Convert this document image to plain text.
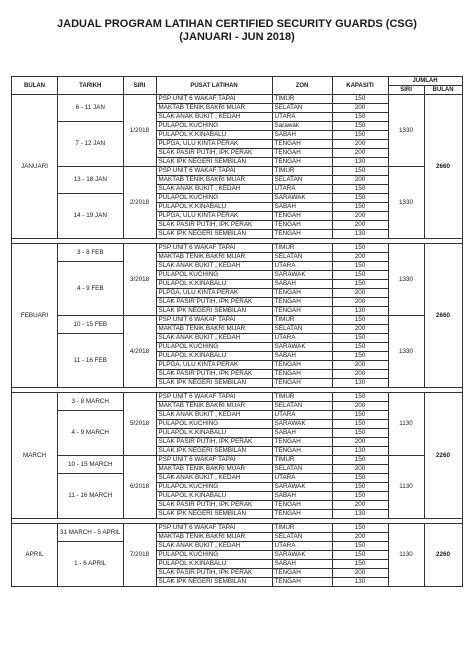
JADUAL PROGRAM LATIHAN CERTIFIED SECURITY GUARDS (CSG)
(JANUARI - JUN 2018)
BULAN	TARIKH	SIRI	PUSAT LATIHAN	ZON	KAPASITI	JUMLAH	
						SIRI	BULAN
JANUARI	6 - 11 JAN	1/2018	PSP UNIT 6 WAKAF TAPAI	TIMUR	150	1330	2660
			MAKTAB TENIK BAKRI MUAR	SELATAN	200		
			SLAK ANAK BUKIT , KEDAH	UTARA	150		
	7 - 12 JAN		PULAPOL KUCHING	Sarawak	150		
			PULAPOL K.KINABALU	SABAH	150		
			PLPGA, ULU KINTA PERAK	TENGAH	200		
			SLAK PASIR PUTIH, IPK PERAK	TENGAH	200		
			SLAK IPK NEGERI SEMBILAN	TENGAH	130		
	13 - 18 JAN	2/2018	PSP UNIT 6 WAKAF TAPAI	TIMUR	150	1330	
			MAKTAB TENIK BAKRI MUAR	SELATAN	200		
			SLAK ANAK BUKIT , KEDAH	UTARA	150		
	14 - 19 JAN		PULAPOL KUCHING	SARAWAK	150		
			PULAPOL K.KINABALU	SABAH	150		
			PLPGA, ULU KINTA PERAK	TENGAH	200		
			SLAK PASIR PUTIH, IPK PERAK	TENGAH	200		
			SLAK IPK NEGERI SEMBILAN	TENGAH	130		

FEBUARI	3 - 8 FEB	3/2018	PSP UNIT 6 WAKAF TAPAI	TIMUR	150	1330	2660
			MAKTAB TENIK BAKRI MUAR	SELATAN	200		
	4 - 9 FEB		SLAK ANAK BUKIT , KEDAH	UTARA	150		
			PULAPOL KUCHING	SARAWAK	150		
			PULAPOL K.KINABALU	SABAH	150		
			PLPGA, ULU KINTA PERAK	TENGAH	200		
			SLAK PASIR PUTIH, IPK PERAK	TENGAH	200		
			SLAK IPK NEGERI SEMBILAN	TENGAH	130		
	10 - 15 FEB	4/2018	PSP UNIT 6 WAKAF TAPAI	TIMUR	150	1330	
			MAKTAB TENIK BAKRI MUAR	SELATAN	200		
	11 - 16 FEB		SLAK ANAK BUKIT , KEDAH	UTARA	150		
			PULAPOL KUCHING	SARAWAK	150		
			PULAPOL K.KINABALU	SABAH	150		
			PLPGA, ULU KINTA PERAK	TENGAH	200		
			SLAK PASIR PUTIH, IPK PERAK	TENGAH	200		
			SLAK IPK NEGERI SEMBILAN	TENGAH	130		

MARCH	3 - 8 MARCH	5/2018	PSP UNIT 6 WAKAF TAPAI	TIMUR	150	1130	2260
			MAKTAB TENIK BAKRI MUAR	SELATAN	200		
	4 - 9 MARCH		SLAK ANAK BUKIT , KEDAH	UTARA	150		
			PULAPOL KUCHING	SARAWAK	150		
			PULAPOL K.KINABALU	SABAH	150		
			SLAK PASIR PUTIH, IPK PERAK	TENGAH	200		
			SLAK IPK NEGERI SEMBILAN	TENGAH	130		
	10 - 15 MARCH	6/2018	PSP UNIT 6 WAKAF TAPAI	TIMUR	150	1130	
			MAKTAB TENIK BAKRI MUAR	SELATAN	200		
	11 - 16 MARCH		SLAK ANAK BUKIT , KEDAH	UTARA	150		
			PULAPOL KUCHING	SARAWAK	150		
			PULAPOL K.KINABALU	SABAH	150		
			SLAK PASIR PUTIH, IPK PERAK	TENGAH	200		
			SLAK IPK NEGERI SEMBILAN	TENGAH	130		

APRIL	31 MARCH - 5 APRIL	7/2018	PSP UNIT 6 WAKAF TAPAI	TIMUR	150	1130	2260
			MAKTAB TENIK BAKRI MUAR	SELATAN	200		
	1 - 6 APRIL		SLAK ANAK BUKIT , KEDAH	UTARA	150		
			PULAPOL KUCHING	SARAWAK	150		
			PULAPOL K.KINABALU	SABAH	150		
			SLAK PASIR PUTIH, IPK PERAK	TENGAH	200		
			SLAK IPK NEGERI SEMBILAN	TENGAH	130		
